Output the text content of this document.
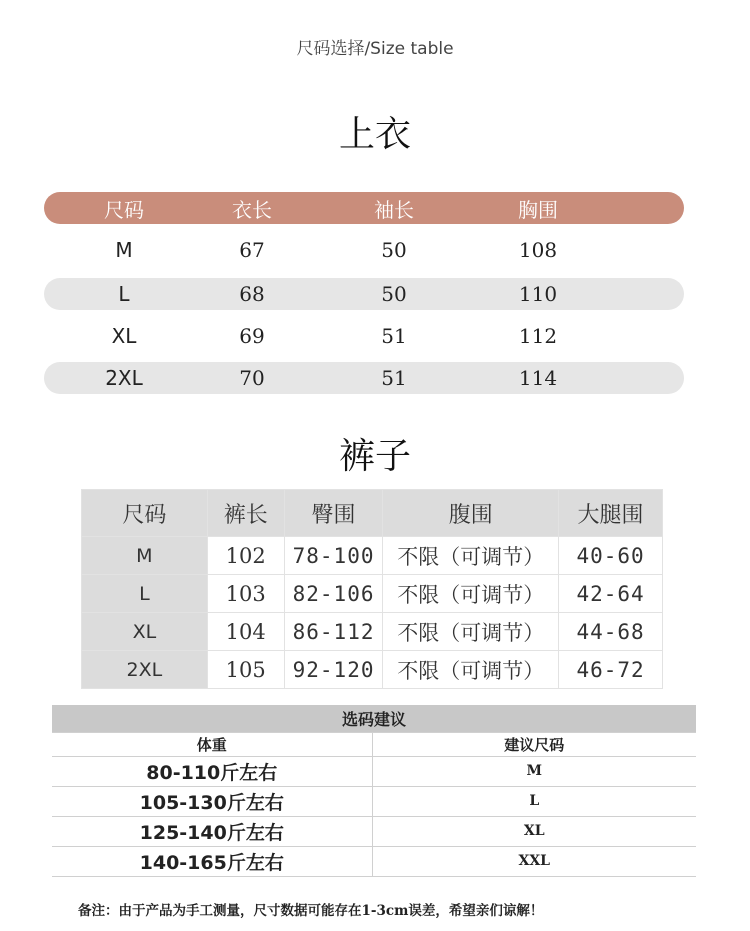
尺码选择/Size table
上衣
尺码	衣长	袖长	胸围
M	67	50	108
L	68	50	110
XL	69	51	112
2XL	70	51	114
裤子
尺码	裤长	臀围	腹围	大腿围
M	102	78-100	不限（可调节）	40-60
L	103	82-106	不限（可调节）	42-64
XL	104	86-112	不限（可调节）	44-68
2XL	105	92-120	不限（可调节）	46-72
选码建议	
体重	建议尺码
80-110斤左右	M
105-130斤左右	L
125-140斤左右	XL
140-165斤左右	XXL
备注：由于产品为手工测量，尺寸数据可能存在1-3cm误差，希望亲们谅解！
